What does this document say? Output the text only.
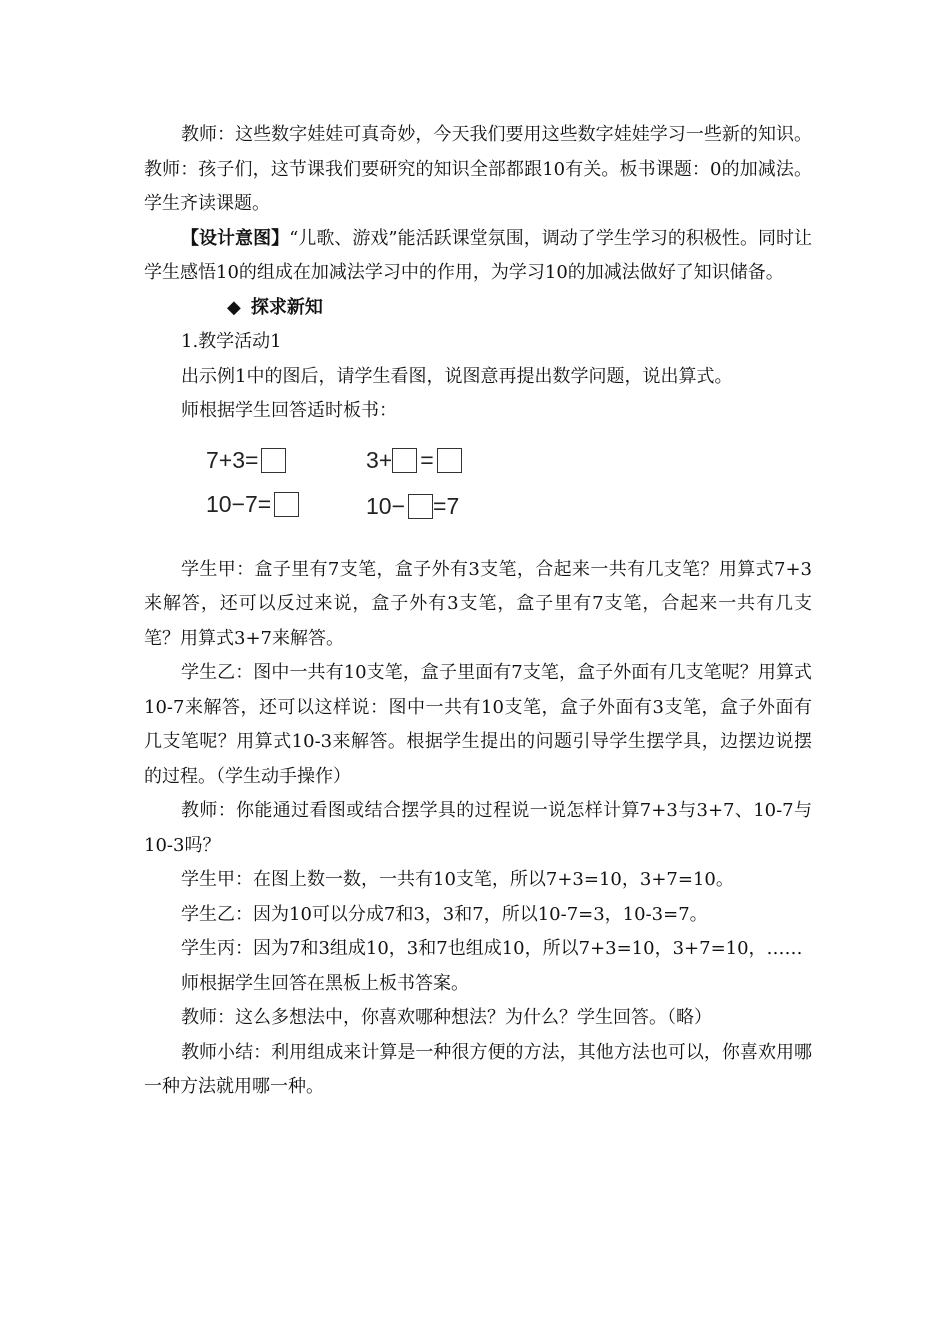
教师：这些数字娃娃可真奇妙，今天我们要用这些数字娃娃学习一些新的知识。教师：孩子们，这节课我们要研究的知识全部都跟10有关。板书课题：0的加减法。学生齐读课题。

【设计意图】“儿歌、游戏”能活跃课堂氛围，调动了学生学习的积极性。同时让学生感悟10的组成在加减法学习中的作用，为学习10的加减法做好了知识储备。

◆ 探求新知

1.教学活动1

出示例1中的图后，请学生看图，说图意再提出数学问题，说出算式。

师根据学生回答适时板书：

7+3=	3+ =
10−7=	10− =7

学生甲：盒子里有7支笔，盒子外有3支笔，合起来一共有几支笔？用算式7+3来解答，还可以反过来说，盒子外有3支笔，盒子里有7支笔，合起来一共有几支笔？用算式3+7来解答。

学生乙：图中一共有10支笔，盒子里面有7支笔，盒子外面有几支笔呢？用算式10-7来解答，还可以这样说：图中一共有10支笔，盒子外面有3支笔，盒子外面有几支笔呢？用算式10-3来解答。根据学生提出的问题引导学生摆学具，边摆边说摆的过程。（学生动手操作）

教师：你能通过看图或结合摆学具的过程说一说怎样计算7+3与3+7、10-7与10-3吗？

学生甲：在图上数一数，一共有10支笔，所以7+3=10，3+7=10。

学生乙：因为10可以分成7和3，3和7，所以10-7=3，10-3=7。

学生丙：因为7和3组成10，3和7也组成10，所以7+3=10，3+7=10，……

师根据学生回答在黑板上板书答案。

教师：这么多想法中，你喜欢哪种想法？为什么？学生回答。（略）

教师小结：利用组成来计算是一种很方便的方法，其他方法也可以，你喜欢用哪一种方法就用哪一种。
